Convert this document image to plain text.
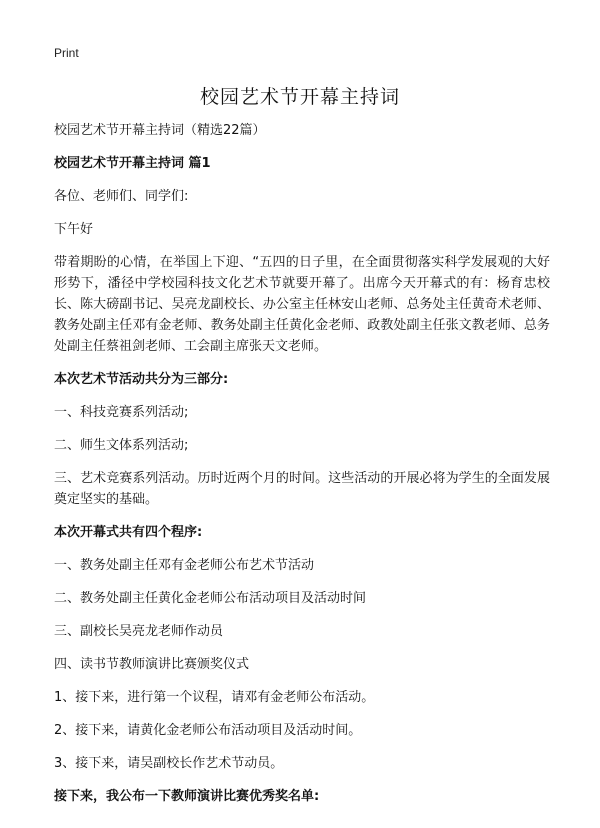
Print
校园艺术节开幕主持词

校园艺术节开幕主持词（精选22篇）

校园艺术节开幕主持词 篇1

各位、老师们、同学们:

下午好

带着期盼的心情，在举国上下迎、“五四的日子里，在全面贯彻落实科学发展观的大好形势下，潘径中学校园科技文化艺术节就要开幕了。出席今天开幕式的有：杨育忠校长、陈大磅副书记、吴亮龙副校长、办公室主任林安山老师、总务处主任黄奇术老师、教务处副主任邓有金老师、教务处副主任黄化金老师、政教处副主任张文教老师、总务处副主任蔡祖剑老师、工会副主席张天文老师。

本次艺术节活动共分为三部分:

一、科技竞赛系列活动;

二、师生文体系列活动;

三、艺术竞赛系列活动。历时近两个月的时间。这些活动的开展必将为学生的全面发展奠定坚实的基础。

本次开幕式共有四个程序:

一、教务处副主任邓有金老师公布艺术节活动

二、教务处副主任黄化金老师公布活动项目及活动时间

三、副校长吴亮龙老师作动员

四、读书节教师演讲比赛颁奖仪式

1、接下来，进行第一个议程，请邓有金老师公布活动。

2、接下来，请黄化金老师公布活动项目及活动时间。

3、接下来，请吴副校长作艺术节动员。

接下来，我公布一下教师演讲比赛优秀奖名单:
